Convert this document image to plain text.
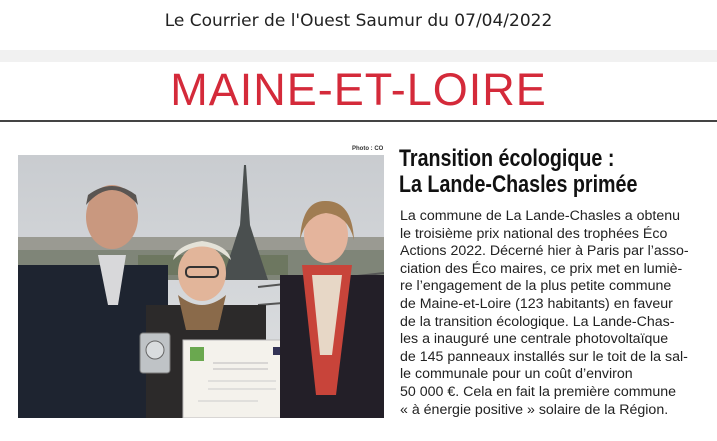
Le Courrier de l'Ouest Saumur du 07/04/2022
MAINE-ET-LOIRE
Photo : CO Transition écologique :
La Lande-Chasles primée
La commune de La Lande-Chasles a obtenu
le troisième prix national des trophées Éco
Actions 2022. Décerné hier à Paris par l’asso-
ciation des Éco maires, ce prix met en lumiè-
re l’engagement de la plus petite commune
de Maine-et-Loire (123 habitants) en faveur
de la transition écologique. La Lande-Chas-
les a inauguré une centrale photovoltaïque
de 145 panneaux installés sur le toit de la sal-
le communale pour un coût d’environ
50 000 €. Cela en fait la première commune
« à énergie positive » solaire de la Région.
